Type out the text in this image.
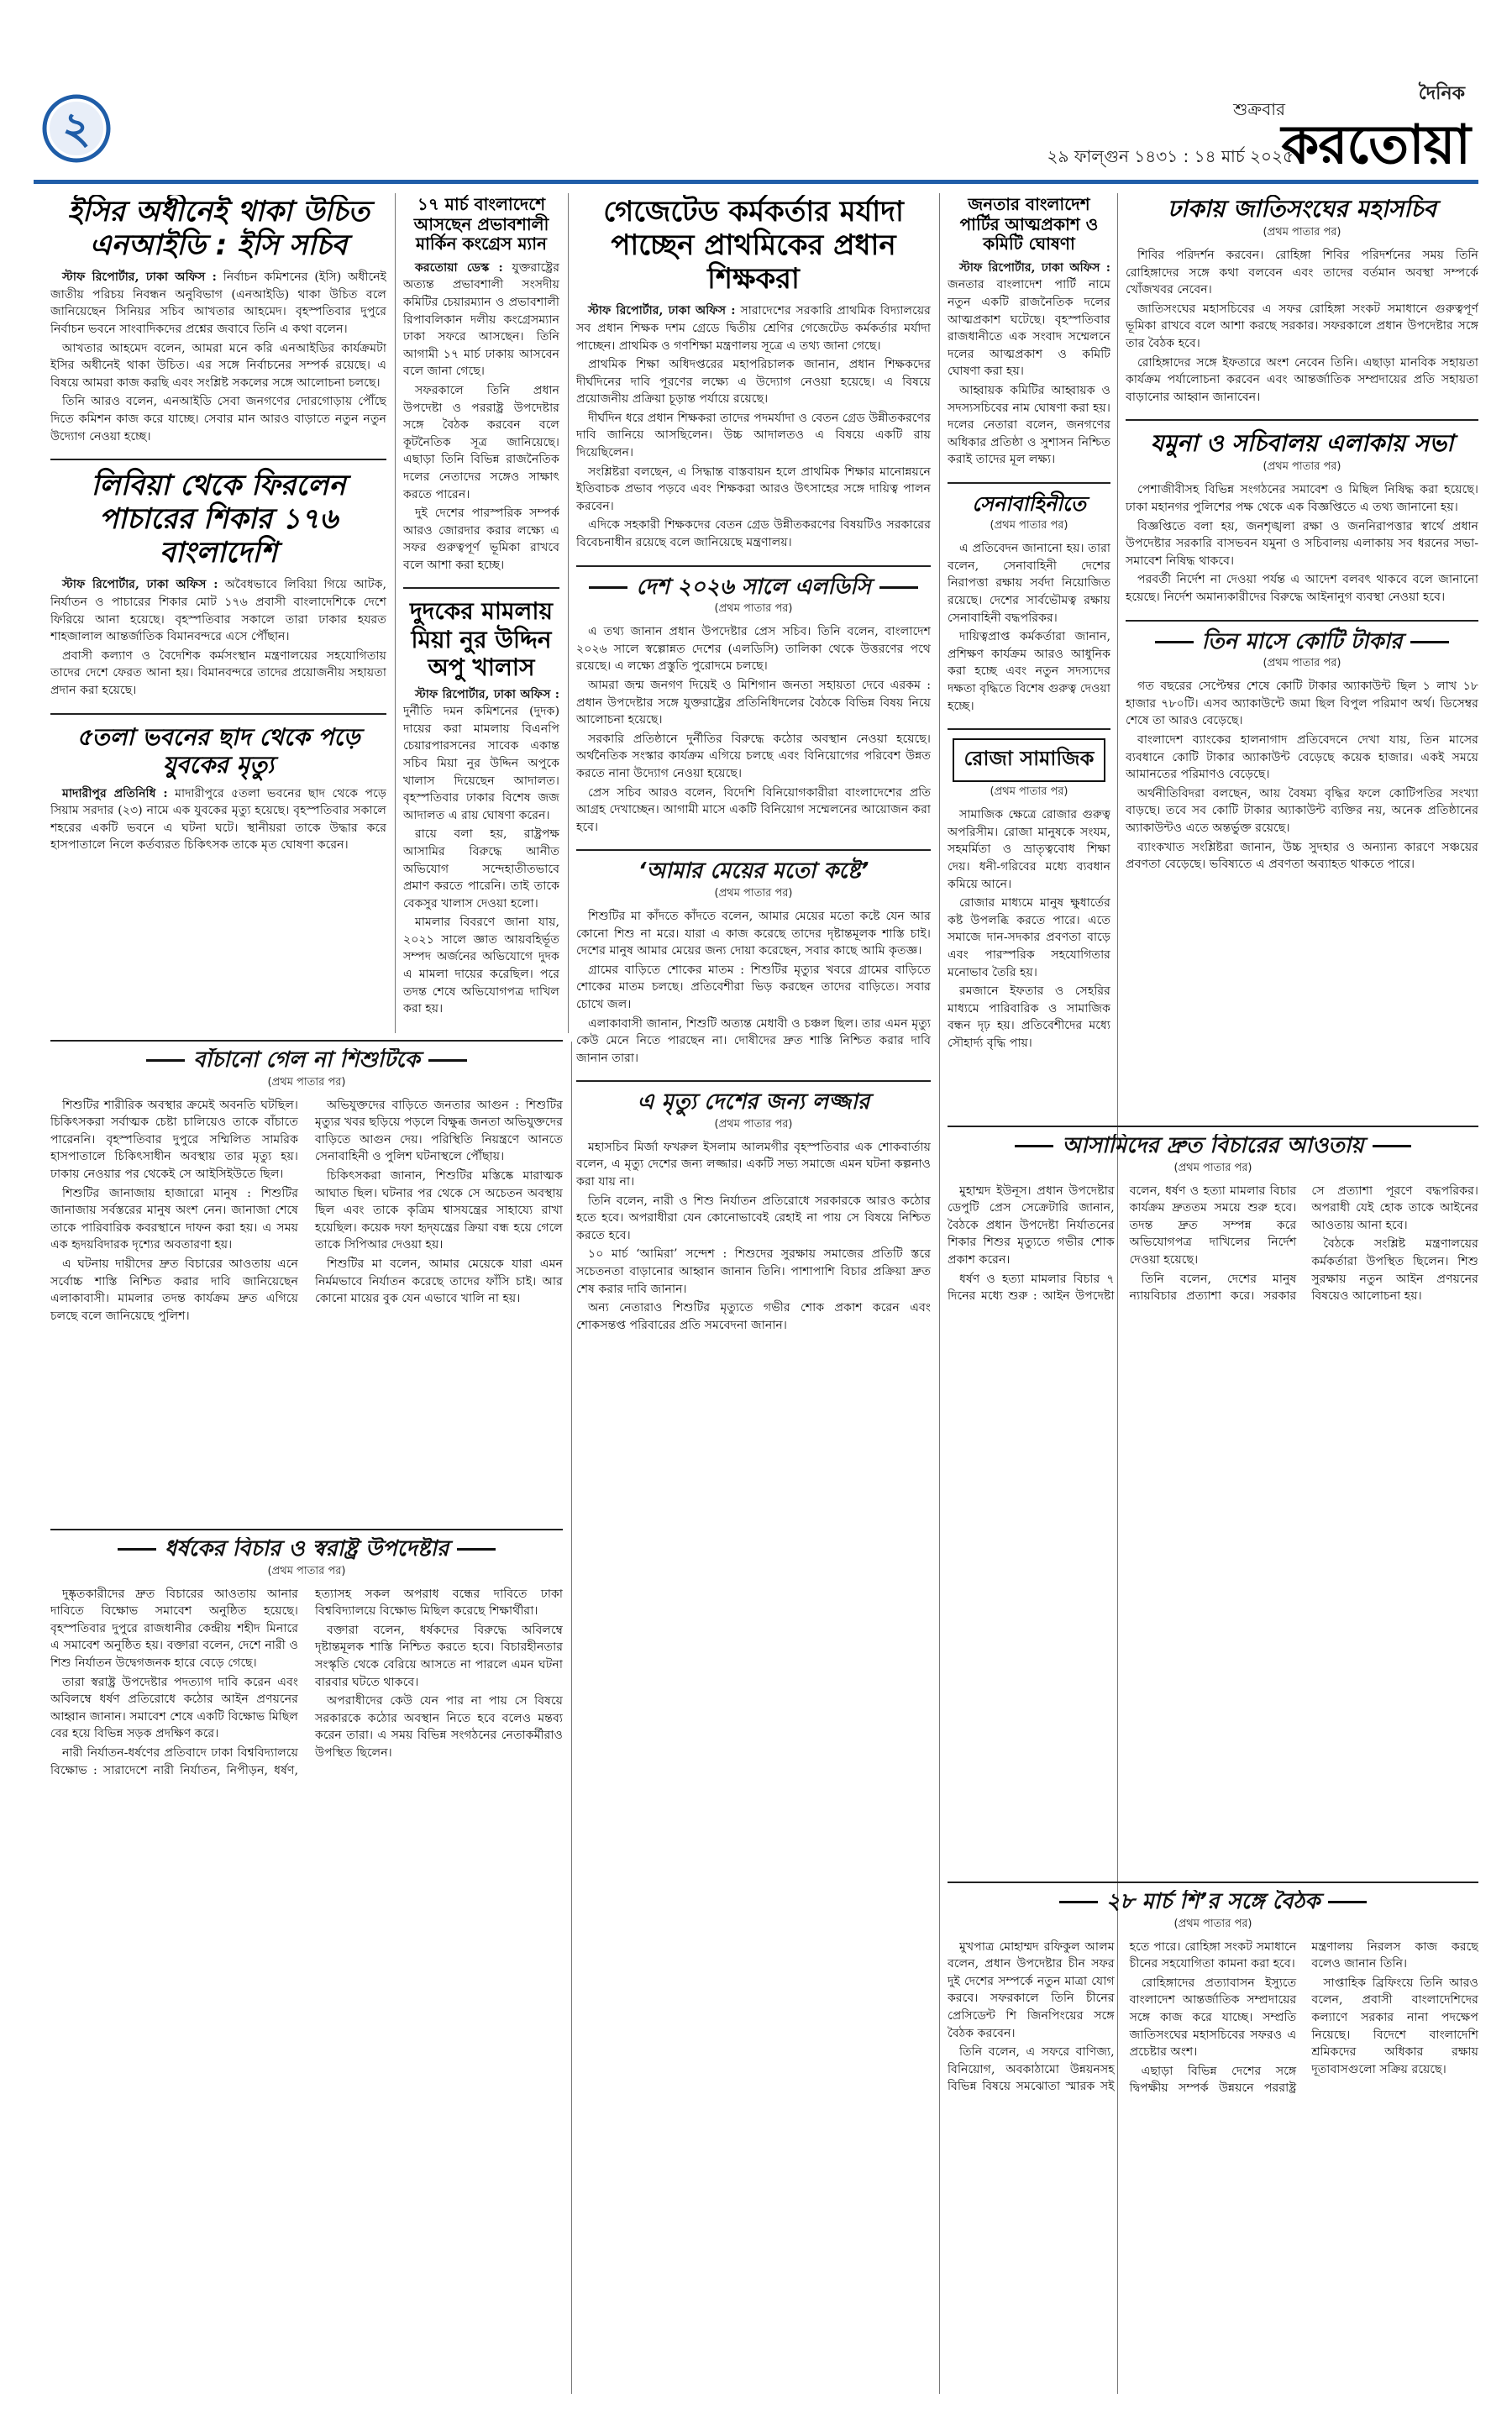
২	শুক্রবার
২৯ ফাল্গুন ১৪৩১ : ১৪ মার্চ ২০২৫
দৈনিক
করতোয়া
ইসির অধীনেই থাকা উচিত এনআইডি : ইসি সচিব

স্টাফ রিপোর্টার, ঢাকা অফিস : নির্বাচন কমিশনের (ইসি) অধীনেই জাতীয় পরিচয় নিবন্ধন অনুবিভাগ (এনআইডি) থাকা উচিত বলে জানিয়েছেন সিনিয়র সচিব আখতার আহমেদ। বৃহস্পতিবার দুপুরে নির্বাচন ভবনে সাংবাদিকদের প্রশ্নের জবাবে তিনি এ কথা বলেন।

আখতার আহমেদ বলেন, আমরা মনে করি এনআইডির কার্যক্রমটা ইসির অধীনেই থাকা উচিত। এর সঙ্গে নির্বাচনের সম্পর্ক রয়েছে। এ বিষয়ে আমরা কাজ করছি এবং সংশ্লিষ্ট সকলের সঙ্গে আলোচনা চলছে।

তিনি আরও বলেন, এনআইডি সেবা জনগণের দোরগোড়ায় পৌঁছে দিতে কমিশন কাজ করে যাচ্ছে। সেবার মান আরও বাড়াতে নতুন নতুন উদ্যোগ নেওয়া হচ্ছে।

লিবিয়া থেকে ফিরলেন পাচারের শিকার ১৭৬ বাংলাদেশি

স্টাফ রিপোর্টার, ঢাকা অফিস : অবৈধভাবে লিবিয়া গিয়ে আটক, নির্যাতন ও পাচারের শিকার মোট ১৭৬ প্রবাসী বাংলাদেশিকে দেশে ফিরিয়ে আনা হয়েছে। বৃহস্পতিবার সকালে তারা ঢাকার হযরত শাহজালাল আন্তর্জাতিক বিমানবন্দরে এসে পৌঁছান।

প্রবাসী কল্যাণ ও বৈদেশিক কর্মসংস্থান মন্ত্রণালয়ের সহযোগিতায় তাদের দেশে ফেরত আনা হয়। বিমানবন্দরে তাদের প্রয়োজনীয় সহায়তা প্রদান করা হয়েছে।

৫তলা ভবনের ছাদ থেকে পড়ে যুবকের মৃত্যু

মাদারীপুর প্রতিনিধি : মাদারীপুরে ৫তলা ভবনের ছাদ থেকে পড়ে সিয়াম সরদার (২৩) নামে এক যুবকের মৃত্যু হয়েছে। বৃহস্পতিবার সকালে শহরের একটি ভবনে এ ঘটনা ঘটে। স্থানীয়রা তাকে উদ্ধার করে হাসপাতালে নিলে কর্তব্যরত চিকিৎসক তাকে মৃত ঘোষণা করেন।

১৭ মার্চ বাংলাদেশে আসছেন প্রভাবশালী মার্কিন কংগ্রেস ম্যান

করতোয়া ডেস্ক : যুক্তরাষ্ট্রের অত্যন্ত প্রভাবশালী সংসদীয় কমিটির চেয়ারম্যান ও প্রভাবশালী রিপাবলিকান দলীয় কংগ্রেসম্যান ঢাকা সফরে আসছেন। তিনি আগামী ১৭ মার্চ ঢাকায় আসবেন বলে জানা গেছে।

সফরকালে তিনি প্রধান উপদেষ্টা ও পররাষ্ট্র উপদেষ্টার সঙ্গে বৈঠক করবেন বলে কূটনৈতিক সূত্র জানিয়েছে। এছাড়া তিনি বিভিন্ন রাজনৈতিক দলের নেতাদের সঙ্গেও সাক্ষাৎ করতে পারেন।

দুই দেশের পারস্পরিক সম্পর্ক আরও জোরদার করার লক্ষ্যে এ সফর গুরুত্বপূর্ণ ভূমিকা রাখবে বলে আশা করা হচ্ছে।

দুদকের মামলায় মিয়া নুর উদ্দিন অপু খালাস

স্টাফ রিপোর্টার, ঢাকা অফিস : দুর্নীতি দমন কমিশনের (দুদক) দায়ের করা মামলায় বিএনপি চেয়ারপারসনের সাবেক একান্ত সচিব মিয়া নুর উদ্দিন অপুকে খালাস দিয়েছেন আদালত। বৃহস্পতিবার ঢাকার বিশেষ জজ আদালত এ রায় ঘোষণা করেন।

রায়ে বলা হয়, রাষ্ট্রপক্ষ আসামির বিরুদ্ধে আনীত অভিযোগ সন্দেহাতীতভাবে প্রমাণ করতে পারেনি। তাই তাকে বেকসুর খালাস দেওয়া হলো।

মামলার বিবরণে জানা যায়, ২০২১ সালে জ্ঞাত আয়বহির্ভূত সম্পদ অর্জনের অভিযোগে দুদক এ মামলা দায়ের করেছিল। পরে তদন্ত শেষে অভিযোগপত্র দাখিল করা হয়।

গেজেটেড কর্মকর্তার মর্যাদা পাচ্ছেন প্রাথমিকের প্রধান শিক্ষকরা

স্টাফ রিপোর্টার, ঢাকা অফিস : সারাদেশের সরকারি প্রাথমিক বিদ্যালয়ের সব প্রধান শিক্ষক দশম গ্রেডে দ্বিতীয় শ্রেণির গেজেটেড কর্মকর্তার মর্যাদা পাচ্ছেন। প্রাথমিক ও গণশিক্ষা মন্ত্রণালয় সূত্রে এ তথ্য জানা গেছে।

প্রাথমিক শিক্ষা অধিদপ্তরের মহাপরিচালক জানান, প্রধান শিক্ষকদের দীর্ঘদিনের দাবি পূরণের লক্ষ্যে এ উদ্যোগ নেওয়া হয়েছে। এ বিষয়ে প্রয়োজনীয় প্রক্রিয়া চূড়ান্ত পর্যায়ে রয়েছে।

দীর্ঘদিন ধরে প্রধান শিক্ষকরা তাদের পদমর্যাদা ও বেতন গ্রেড উন্নীতকরণের দাবি জানিয়ে আসছিলেন। উচ্চ আদালতও এ বিষয়ে একটি রায় দিয়েছিলেন।

সংশ্লিষ্টরা বলছেন, এ সিদ্ধান্ত বাস্তবায়ন হলে প্রাথমিক শিক্ষার মানোন্নয়নে ইতিবাচক প্রভাব পড়বে এবং শিক্ষকরা আরও উৎসাহের সঙ্গে দায়িত্ব পালন করবেন।

এদিকে সহকারী শিক্ষকদের বেতন গ্রেড উন্নীতকরণের বিষয়টিও সরকারের বিবেচনাধীন রয়েছে বলে জানিয়েছে মন্ত্রণালয়।

দেশ ২০২৬ সালে এলডিসি
(প্রথম পাতার পর)

এ তথ্য জানান প্রধান উপদেষ্টার প্রেস সচিব। তিনি বলেন, বাংলাদেশ ২০২৬ সালে স্বল্পোন্নত দেশের (এলডিসি) তালিকা থেকে উত্তরণের পথে রয়েছে। এ লক্ষ্যে প্রস্তুতি পুরোদমে চলছে।

আমরা জন্ম জনগণ দিয়েই ও মিশিগান জনতা সহায়তা দেবে এরকম : প্রধান উপদেষ্টার সঙ্গে যুক্তরাষ্ট্রের প্রতিনিধিদলের বৈঠকে বিভিন্ন বিষয় নিয়ে আলোচনা হয়েছে।

সরকারি প্রতিষ্ঠানে দুর্নীতির বিরুদ্ধে কঠোর অবস্থান নেওয়া হয়েছে। অর্থনৈতিক সংস্কার কার্যক্রম এগিয়ে চলছে এবং বিনিয়োগের পরিবেশ উন্নত করতে নানা উদ্যোগ নেওয়া হয়েছে।

প্রেস সচিব আরও বলেন, বিদেশি বিনিয়োগকারীরা বাংলাদেশের প্রতি আগ্রহ দেখাচ্ছেন। আগামী মাসে একটি বিনিয়োগ সম্মেলনের আয়োজন করা হবে।

‘আমার মেয়ের মতো কষ্টে’
(প্রথম পাতার পর)

শিশুটির মা কাঁদতে কাঁদতে বলেন, আমার মেয়ের মতো কষ্টে যেন আর কোনো শিশু না মরে। যারা এ কাজ করেছে তাদের দৃষ্টান্তমূলক শাস্তি চাই। দেশের মানুষ আমার মেয়ের জন্য দোয়া করেছেন, সবার কাছে আমি কৃতজ্ঞ।

গ্রামের বাড়িতে শোকের মাতম : শিশুটির মৃত্যুর খবরে গ্রামের বাড়িতে শোকের মাতম চলছে। প্রতিবেশীরা ভিড় করছেন তাদের বাড়িতে। সবার চোখে জল।

এলাকাবাসী জানান, শিশুটি অত্যন্ত মেধাবী ও চঞ্চল ছিল। তার এমন মৃত্যু কেউ মেনে নিতে পারছেন না। দোষীদের দ্রুত শাস্তি নিশ্চিত করার দাবি জানান তারা।

এ মৃত্যু দেশের জন্য লজ্জার
(প্রথম পাতার পর)

মহাসচিব মির্জা ফখরুল ইসলাম আলমগীর বৃহস্পতিবার এক শোকবার্তায় বলেন, এ মৃত্যু দেশের জন্য লজ্জার। একটি সভ্য সমাজে এমন ঘটনা কল্পনাও করা যায় না।

তিনি বলেন, নারী ও শিশু নির্যাতন প্রতিরোধে সরকারকে আরও কঠোর হতে হবে। অপরাধীরা যেন কোনোভাবেই রেহাই না পায় সে বিষয়ে নিশ্চিত করতে হবে।

১০ মার্চ ‘আমিরা’ সন্দেশ : শিশুদের সুরক্ষায় সমাজের প্রতিটি স্তরে সচেতনতা বাড়ানোর আহ্বান জানান তিনি। পাশাপাশি বিচার প্রক্রিয়া দ্রুত শেষ করার দাবি জানান।

অন্য নেতারাও শিশুটির মৃত্যুতে গভীর শোক প্রকাশ করেন এবং শোকসন্তপ্ত পরিবারের প্রতি সমবেদনা জানান।

জনতার বাংলাদেশ পার্টির আত্মপ্রকাশ ও কমিটি ঘোষণা

স্টাফ রিপোর্টার, ঢাকা অফিস : জনতার বাংলাদেশ পার্টি নামে নতুন একটি রাজনৈতিক দলের আত্মপ্রকাশ ঘটেছে। বৃহস্পতিবার রাজধানীতে এক সংবাদ সম্মেলনে দলের আত্মপ্রকাশ ও কমিটি ঘোষণা করা হয়।

আহ্বায়ক কমিটির আহ্বায়ক ও সদস্যসচিবের নাম ঘোষণা করা হয়। দলের নেতারা বলেন, জনগণের অধিকার প্রতিষ্ঠা ও সুশাসন নিশ্চিত করাই তাদের মূল লক্ষ্য।

সেনাবাহিনীতে
(প্রথম পাতার পর)

এ প্রতিবেদন জানানো হয়। তারা বলেন, সেনাবাহিনী দেশের নিরাপত্তা রক্ষায় সর্বদা নিয়োজিত রয়েছে। দেশের সার্বভৌমত্ব রক্ষায় সেনাবাহিনী বদ্ধপরিকর।

দায়িত্বপ্রাপ্ত কর্মকর্তারা জানান, প্রশিক্ষণ কার্যক্রম আরও আধুনিক করা হচ্ছে এবং নতুন সদস্যদের দক্ষতা বৃদ্ধিতে বিশেষ গুরুত্ব দেওয়া হচ্ছে।

রোজা সামাজিক
(প্রথম পাতার পর)

সামাজিক ক্ষেত্রে রোজার গুরুত্ব অপরিসীম। রোজা মানুষকে সংযম, সহমর্মিতা ও ভ্রাতৃত্ববোধ শিক্ষা দেয়। ধনী-গরিবের মধ্যে ব্যবধান কমিয়ে আনে।

রোজার মাধ্যমে মানুষ ক্ষুধার্তের কষ্ট উপলব্ধি করতে পারে। এতে সমাজে দান-সদকার প্রবণতা বাড়ে এবং পারস্পরিক সহযোগিতার মনোভাব তৈরি হয়।

রমজানে ইফতার ও সেহরির মাধ্যমে পারিবারিক ও সামাজিক বন্ধন দৃঢ় হয়। প্রতিবেশীদের মধ্যে সৌহার্দ্য বৃদ্ধি পায়।

আসামিদের দ্রুত বিচারের আওতায়
(প্রথম পাতার পর)

মুহাম্মদ ইউনূস। প্রধান উপদেষ্টার ডেপুটি প্রেস সেক্রেটারি জানান, বৈঠকে প্রধান উপদেষ্টা নির্যাতনের শিকার শিশুর মৃত্যুতে গভীর শোক প্রকাশ করেন।

ধর্ষণ ও হত্যা মামলার বিচার ৭ দিনের মধ্যে শুরু : আইন উপদেষ্টা বলেন, ধর্ষণ ও হত্যা মামলার বিচার কার্যক্রম দ্রুততম সময়ে শুরু হবে। তদন্ত দ্রুত সম্পন্ন করে অভিযোগপত্র দাখিলের নির্দেশ দেওয়া হয়েছে।

তিনি বলেন, দেশের মানুষ ন্যায়বিচার প্রত্যাশা করে। সরকার সে প্রত্যাশা পূরণে বদ্ধপরিকর। অপরাধী যেই হোক তাকে আইনের আওতায় আনা হবে।

বৈঠকে সংশ্লিষ্ট মন্ত্রণালয়ের কর্মকর্তারা উপস্থিত ছিলেন। শিশু সুরক্ষায় নতুন আইন প্রণয়নের বিষয়েও আলোচনা হয়।

ঢাকায় জাতিসংঘের মহাসচিব
(প্রথম পাতার পর)

শিবির পরিদর্শন করবেন। রোহিঙ্গা শিবির পরিদর্শনের সময় তিনি রোহিঙ্গাদের সঙ্গে কথা বলবেন এবং তাদের বর্তমান অবস্থা সম্পর্কে খোঁজখবর নেবেন।

জাতিসংঘের মহাসচিবের এ সফর রোহিঙ্গা সংকট সমাধানে গুরুত্বপূর্ণ ভূমিকা রাখবে বলে আশা করছে সরকার। সফরকালে প্রধান উপদেষ্টার সঙ্গে তার বৈঠক হবে।

রোহিঙ্গাদের সঙ্গে ইফতারে অংশ নেবেন তিনি। এছাড়া মানবিক সহায়তা কার্যক্রম পর্যালোচনা করবেন এবং আন্তর্জাতিক সম্প্রদায়ের প্রতি সহায়তা বাড়ানোর আহ্বান জানাবেন।

যমুনা ও সচিবালয় এলাকায় সভা
(প্রথম পাতার পর)

পেশাজীবীসহ বিভিন্ন সংগঠনের সমাবেশ ও মিছিল নিষিদ্ধ করা হয়েছে। ঢাকা মহানগর পুলিশের পক্ষ থেকে এক বিজ্ঞপ্তিতে এ তথ্য জানানো হয়।

বিজ্ঞপ্তিতে বলা হয়, জনশৃঙ্খলা রক্ষা ও জননিরাপত্তার স্বার্থে প্রধান উপদেষ্টার সরকারি বাসভবন যমুনা ও সচিবালয় এলাকায় সব ধরনের সভা-সমাবেশ নিষিদ্ধ থাকবে।

পরবর্তী নির্দেশ না দেওয়া পর্যন্ত এ আদেশ বলবৎ থাকবে বলে জানানো হয়েছে। নির্দেশ অমান্যকারীদের বিরুদ্ধে আইনানুগ ব্যবস্থা নেওয়া হবে।

তিন মাসে কোটি টাকার
(প্রথম পাতার পর)

গত বছরের সেপ্টেম্বর শেষে কোটি টাকার অ্যাকাউন্ট ছিল ১ লাখ ১৮ হাজার ৭৮০টি। এসব অ্যাকাউন্টে জমা ছিল বিপুল পরিমাণ অর্থ। ডিসেম্বর শেষে তা আরও বেড়েছে।

বাংলাদেশ ব্যাংকের হালনাগাদ প্রতিবেদনে দেখা যায়, তিন মাসের ব্যবধানে কোটি টাকার অ্যাকাউন্ট বেড়েছে কয়েক হাজার। একই সময়ে আমানতের পরিমাণও বেড়েছে।

অর্থনীতিবিদরা বলছেন, আয় বৈষম্য বৃদ্ধির ফলে কোটিপতির সংখ্যা বাড়ছে। তবে সব কোটি টাকার অ্যাকাউন্ট ব্যক্তির নয়, অনেক প্রতিষ্ঠানের অ্যাকাউন্টও এতে অন্তর্ভুক্ত রয়েছে।

ব্যাংকখাত সংশ্লিষ্টরা জানান, উচ্চ সুদহার ও অন্যান্য কারণে সঞ্চয়ের প্রবণতা বেড়েছে। ভবিষ্যতে এ প্রবণতা অব্যাহত থাকতে পারে।

বাঁচানো গেল না শিশুটিকে
(প্রথম পাতার পর)

শিশুটির শারীরিক অবস্থার ক্রমেই অবনতি ঘটছিল। চিকিৎসকরা সর্বাত্মক চেষ্টা চালিয়েও তাকে বাঁচাতে পারেননি। বৃহস্পতিবার দুপুরে সম্মিলিত সামরিক হাসপাতালে চিকিৎসাধীন অবস্থায় তার মৃত্যু হয়। ঢাকায় নেওয়ার পর থেকেই সে আইসিইউতে ছিল।

শিশুটির জানাজায় হাজারো মানুষ : শিশুটির জানাজায় সর্বস্তরের মানুষ অংশ নেন। জানাজা শেষে তাকে পারিবারিক কবরস্থানে দাফন করা হয়। এ সময় এক হৃদয়বিদারক দৃশ্যের অবতারণা হয়।

এ ঘটনায় দায়ীদের দ্রুত বিচারের আওতায় এনে সর্বোচ্চ শাস্তি নিশ্চিত করার দাবি জানিয়েছেন এলাকাবাসী। মামলার তদন্ত কার্যক্রম দ্রুত এগিয়ে চলছে বলে জানিয়েছে পুলিশ।

অভিযুক্তদের বাড়িতে জনতার আগুন : শিশুটির মৃত্যুর খবর ছড়িয়ে পড়লে বিক্ষুব্ধ জনতা অভিযুক্তদের বাড়িতে আগুন দেয়। পরিস্থিতি নিয়ন্ত্রণে আনতে সেনাবাহিনী ও পুলিশ ঘটনাস্থলে পৌঁছায়।

চিকিৎসকরা জানান, শিশুটির মস্তিষ্কে মারাত্মক আঘাত ছিল। ঘটনার পর থেকে সে অচেতন অবস্থায় ছিল এবং তাকে কৃত্রিম শ্বাসযন্ত্রের সাহায্যে রাখা হয়েছিল। কয়েক দফা হৃদ্‌যন্ত্রের ক্রিয়া বন্ধ হয়ে গেলে তাকে সিপিআর দেওয়া হয়।

শিশুটির মা বলেন, আমার মেয়েকে যারা এমন নির্মমভাবে নির্যাতন করেছে তাদের ফাঁসি চাই। আর কোনো মায়ের বুক যেন এভাবে খালি না হয়।

ধর্ষকের বিচার ও স্বরাষ্ট্র উপদেষ্টার
(প্রথম পাতার পর)

দুষ্কৃতকারীদের দ্রুত বিচারের আওতায় আনার দাবিতে বিক্ষোভ সমাবেশ অনুষ্ঠিত হয়েছে। বৃহস্পতিবার দুপুরে রাজধানীর কেন্দ্রীয় শহীদ মিনারে এ সমাবেশ অনুষ্ঠিত হয়। বক্তারা বলেন, দেশে নারী ও শিশু নির্যাতন উদ্বেগজনক হারে বেড়ে গেছে।

তারা স্বরাষ্ট্র উপদেষ্টার পদত্যাগ দাবি করেন এবং অবিলম্বে ধর্ষণ প্রতিরোধে কঠোর আইন প্রণয়নের আহ্বান জানান। সমাবেশ শেষে একটি বিক্ষোভ মিছিল বের হয়ে বিভিন্ন সড়ক প্রদক্ষিণ করে।

নারী নির্যাতন-ধর্ষণের প্রতিবাদে ঢাকা বিশ্ববিদ্যালয়ে বিক্ষোভ : সারাদেশে নারী নির্যাতন, নিপীড়ন, ধর্ষণ, হত্যাসহ সকল অপরাধ বন্ধের দাবিতে ঢাকা বিশ্ববিদ্যালয়ে বিক্ষোভ মিছিল করেছে শিক্ষার্থীরা।

বক্তারা বলেন, ধর্ষকদের বিরুদ্ধে অবিলম্বে দৃষ্টান্তমূলক শাস্তি নিশ্চিত করতে হবে। বিচারহীনতার সংস্কৃতি থেকে বেরিয়ে আসতে না পারলে এমন ঘটনা বারবার ঘটতে থাকবে।

অপরাধীদের কেউ যেন পার না পায় সে বিষয়ে সরকারকে কঠোর অবস্থান নিতে হবে বলেও মন্তব্য করেন তারা। এ সময় বিভিন্ন সংগঠনের নেতাকর্মীরাও উপস্থিত ছিলেন।

২৮ মার্চ শি’র সঙ্গে বৈঠক
(প্রথম পাতার পর)

মুখপাত্র মোহাম্মদ রফিকুল আলম বলেন, প্রধান উপদেষ্টার চীন সফর দুই দেশের সম্পর্কে নতুন মাত্রা যোগ করবে। সফরকালে তিনি চীনের প্রেসিডেন্ট শি জিনপিংয়ের সঙ্গে বৈঠক করবেন।

তিনি বলেন, এ সফরে বাণিজ্য, বিনিয়োগ, অবকাঠামো উন্নয়নসহ বিভিন্ন বিষয়ে সমঝোতা স্মারক সই হতে পারে। রোহিঙ্গা সংকট সমাধানে চীনের সহযোগিতা কামনা করা হবে।

রোহিঙ্গাদের প্রত্যাবাসন ইস্যুতে বাংলাদেশ আন্তর্জাতিক সম্প্রদায়ের সঙ্গে কাজ করে যাচ্ছে। সম্প্রতি জাতিসংঘের মহাসচিবের সফরও এ প্রচেষ্টার অংশ।

এছাড়া বিভিন্ন দেশের সঙ্গে দ্বিপক্ষীয় সম্পর্ক উন্নয়নে পররাষ্ট্র মন্ত্রণালয় নিরলস কাজ করছে বলেও জানান তিনি।

সাপ্তাহিক ব্রিফিংয়ে তিনি আরও বলেন, প্রবাসী বাংলাদেশিদের কল্যাণে সরকার নানা পদক্ষেপ নিয়েছে। বিদেশে বাংলাদেশি শ্রমিকদের অধিকার রক্ষায় দূতাবাসগুলো সক্রিয় রয়েছে।
